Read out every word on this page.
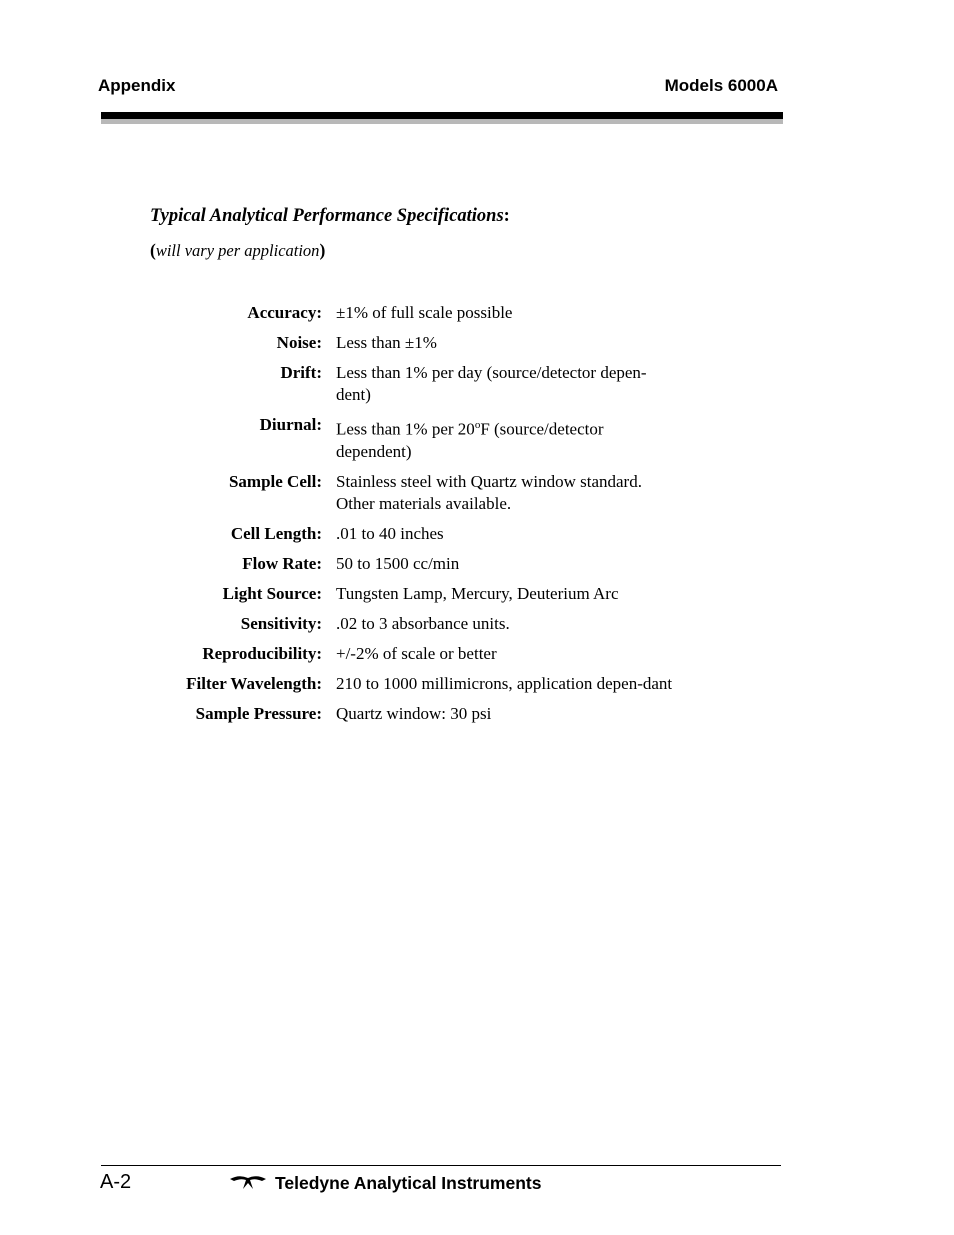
Appendix	Models 6000A
Typical Analytical Performance Specifications:
(will vary per application)
Accuracy: ±1% of full scale possible
Noise: Less than ±1%
Drift: Less than 1% per day (source/detector depen-dent)
Diurnal: Less than 1% per 20$^o$F (source/detector dependent)
Sample Cell: Stainless steel with Quartz window standard. Other materials available.
Cell Length: .01 to 40 inches
Flow Rate: 50 to 1500 cc/min
Light Source: Tungsten Lamp, Mercury, Deuterium Arc
Sensitivity: .02 to 3 absorbance units.
Reproducibility: +/-2% of scale or better
Filter Wavelength: 210 to 1000 millimicrons, application depen-dant
Sample Pressure: Quartz window: 30 psi
A-2	Teledyne Analytical Instruments
